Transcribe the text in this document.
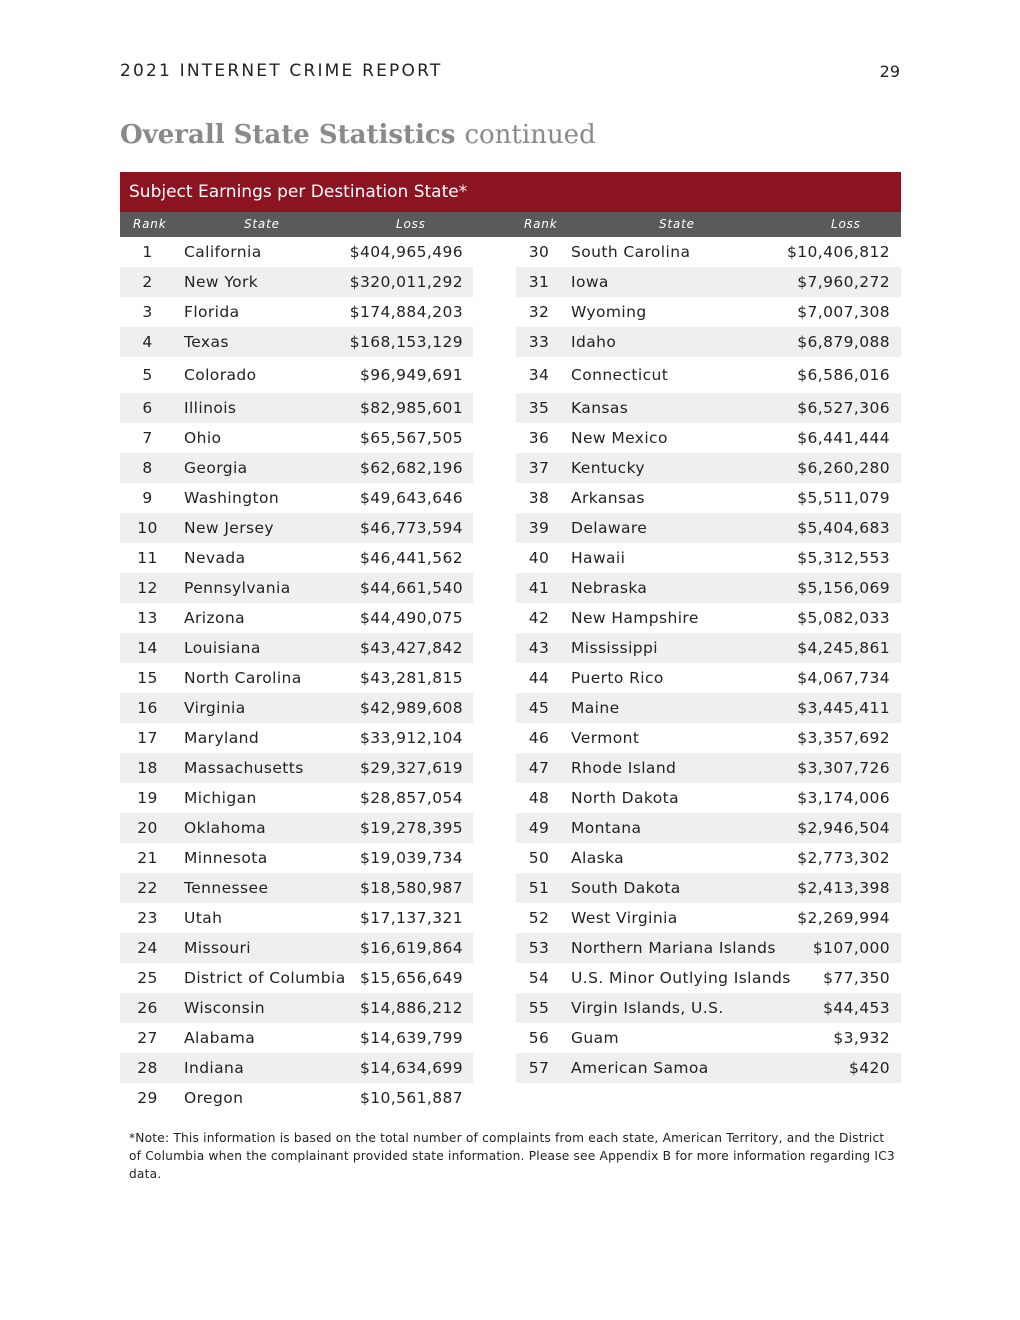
2021 INTERNET CRIME REPORT	29
Overall State Statistics continued
Subject Earnings per Destination State*
Rank	State	Loss	Rank	State	Loss
1	California	$404,965,496
2	New York	$320,011,292
3	Florida	$174,884,203
4	Texas	$168,153,129
5	Colorado	$96,949,691
6	Illinois	$82,985,601
7	Ohio	$65,567,505
8	Georgia	$62,682,196
9	Washington	$49,643,646
10	New Jersey	$46,773,594
11	Nevada	$46,441,562
12	Pennsylvania	$44,661,540
13	Arizona	$44,490,075
14	Louisiana	$43,427,842
15	North Carolina	$43,281,815
16	Virginia	$42,989,608
17	Maryland	$33,912,104
18	Massachusetts	$29,327,619
19	Michigan	$28,857,054
20	Oklahoma	$19,278,395
21	Minnesota	$19,039,734
22	Tennessee	$18,580,987
23	Utah	$17,137,321
24	Missouri	$16,619,864
25	District of Columbia $15,656,649
26	Wisconsin	$14,886,212
27	Alabama	$14,639,799
28	Indiana	$14,634,699
29	Oregon	$10,561,887
30	South Carolina	$10,406,812
31	Iowa	$7,960,272
32	Wyoming	$7,007,308
33	Idaho	$6,879,088
34	Connecticut	$6,586,016
35	Kansas	$6,527,306
36	New Mexico	$6,441,444
37	Kentucky	$6,260,280
38	Arkansas	$5,511,079
39	Delaware	$5,404,683
40	Hawaii	$5,312,553
41	Nebraska	$5,156,069
42	New Hampshire	$5,082,033
43	Mississippi	$4,245,861
44	Puerto Rico	$4,067,734
45	Maine	$3,445,411
46	Vermont	$3,357,692
47	Rhode Island	$3,307,726
48	North Dakota	$3,174,006
49	Montana	$2,946,504
50	Alaska	$2,773,302
51	South Dakota	$2,413,398
52	West Virginia	$2,269,994
53	Northern Mariana Islands $107,000
54	U.S. Minor Outlying Islands $77,350
55	Virgin Islands, U.S.	$44,453
56	Guam	$3,932
57	American Samoa	$420
*Note: This information is based on the total number of complaints from each state, American Territory, and the District of Columbia when the complainant provided state information. Please see Appendix B for more information regarding IC3 data.
